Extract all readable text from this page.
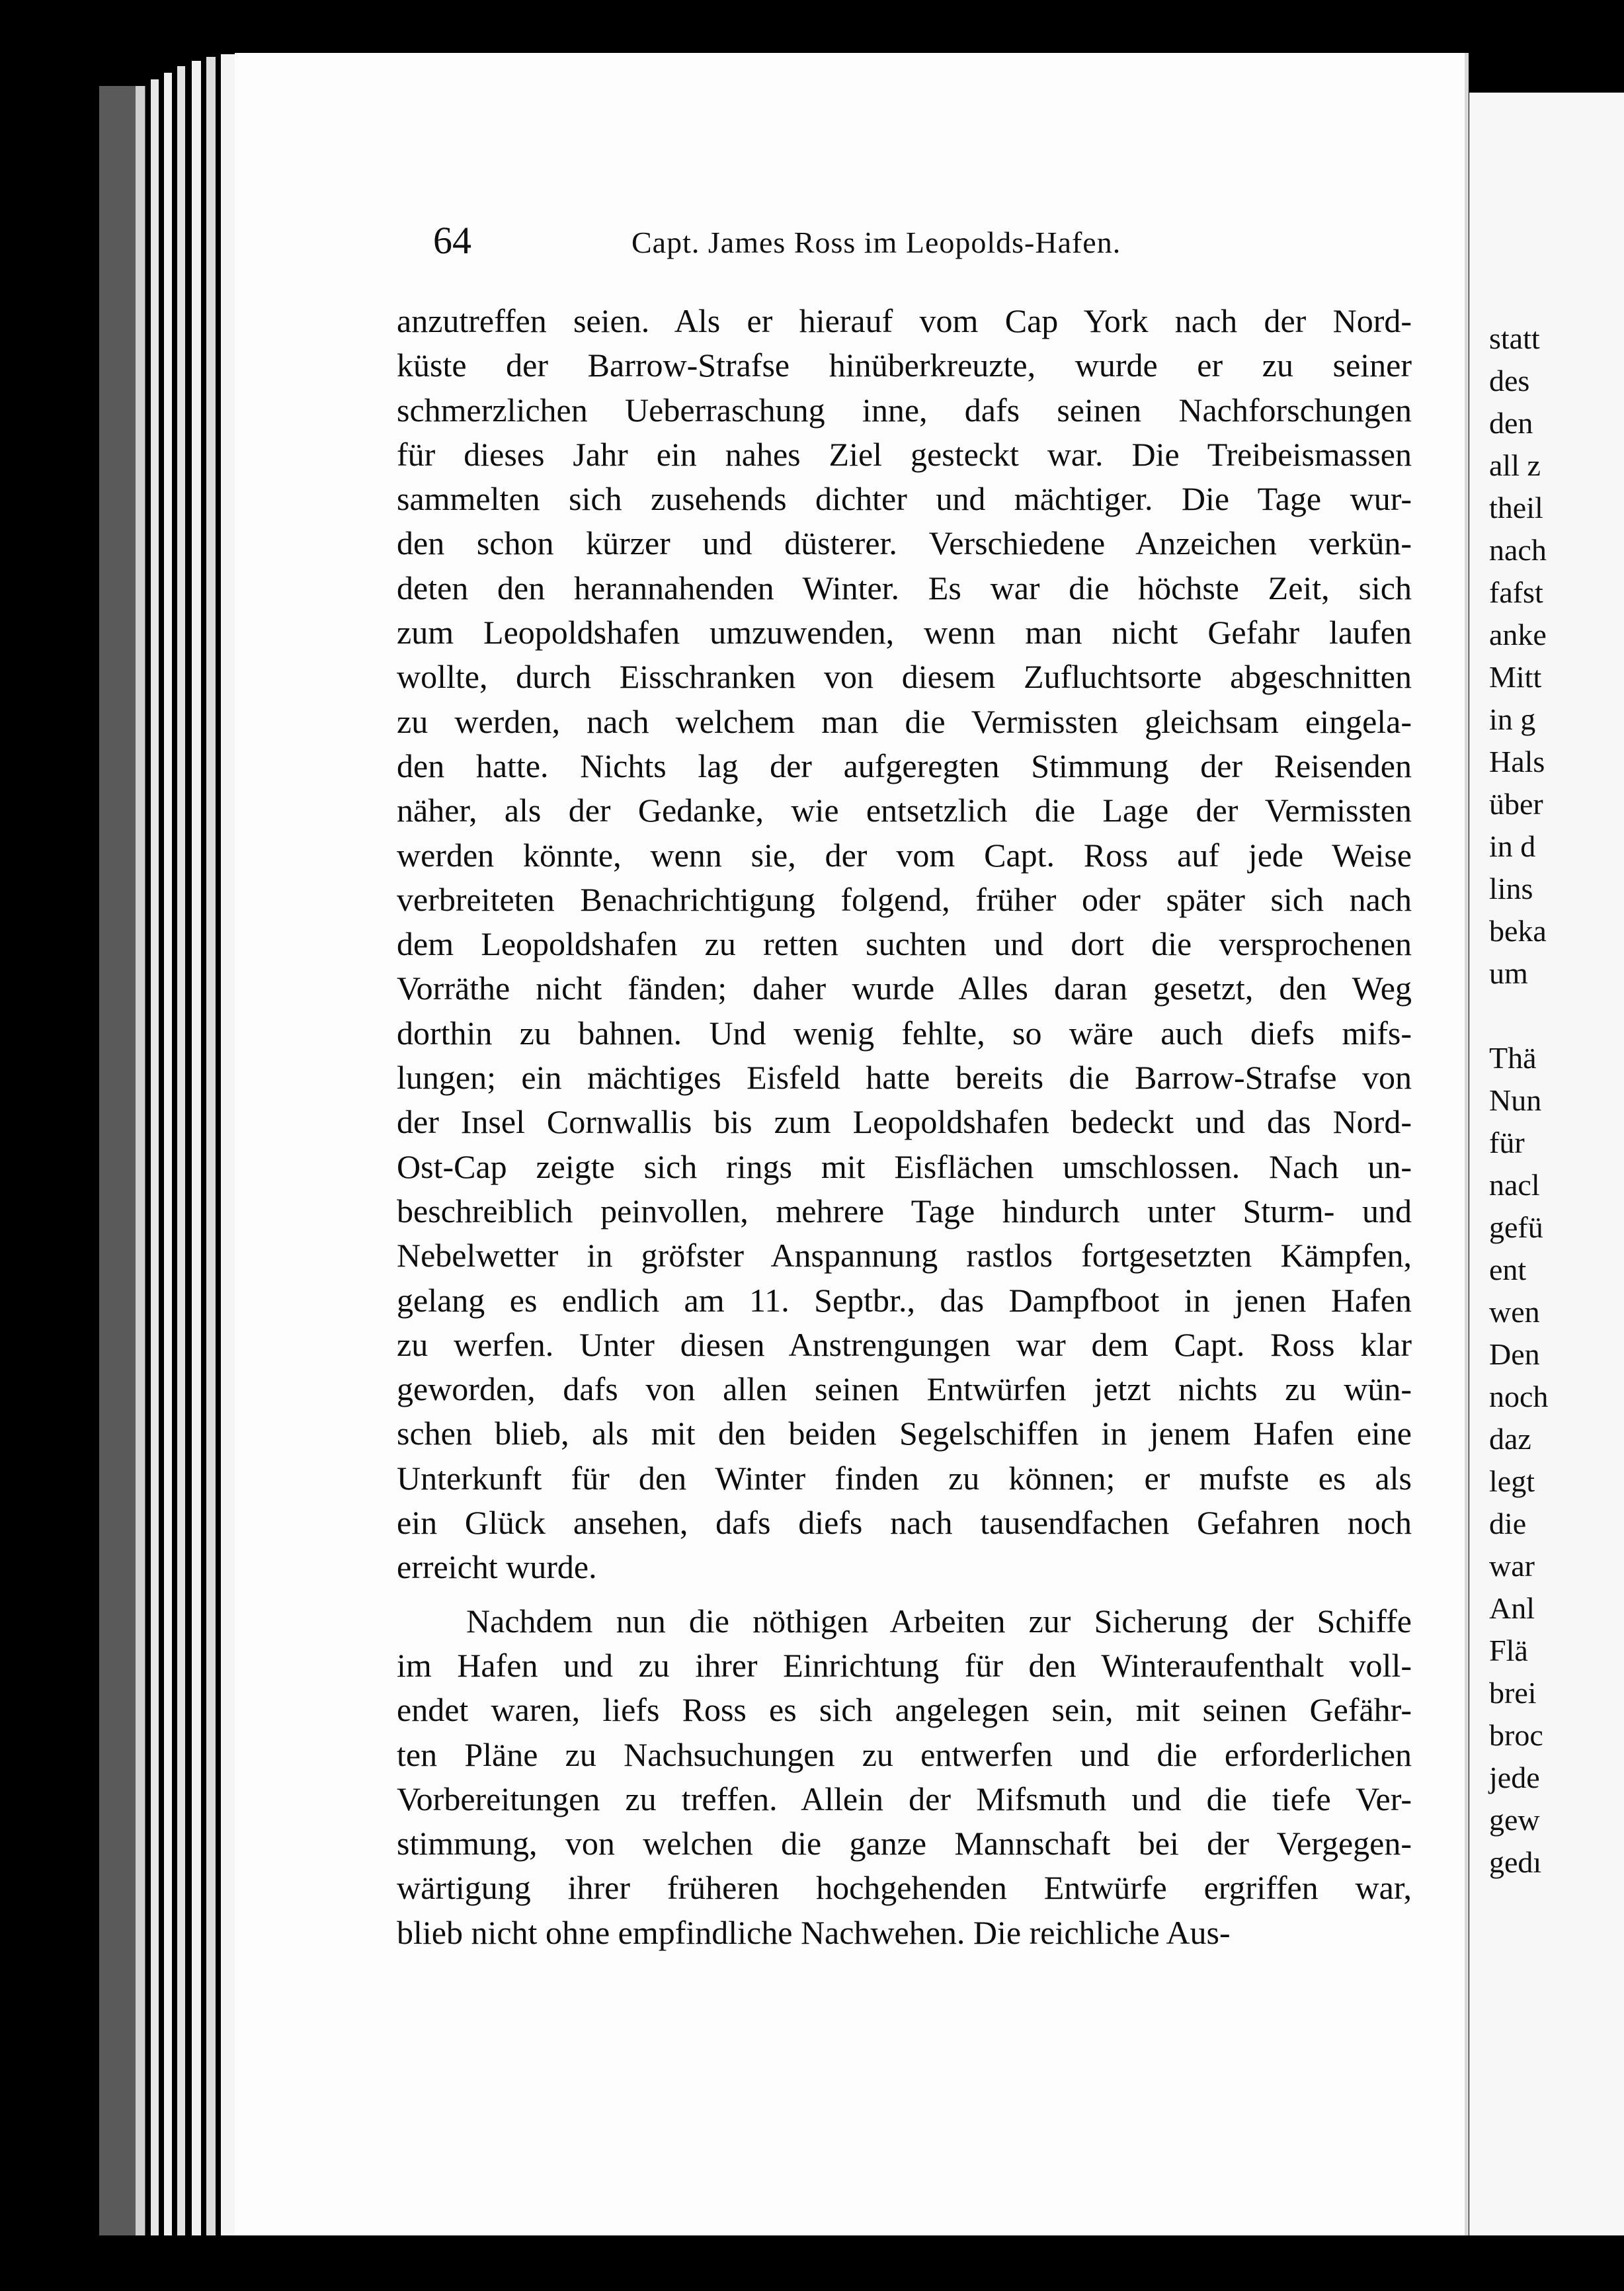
statt
des
den
all z
theil
nach
fafst
anke
Mitt
in g
Hals
über
in d
lins
beka
um
Thä
Nun
für
nacl
gefü
ent
wen
Den
noch
daz
legt
die
war
Anl
Flä
brei
broc
jede
gew
gedı
64	Capt. James Ross im Leopolds-Hafen.
anzutreffen seien. Als er hierauf vom Cap York nach der Nord-
küste der Barrow-Strafse hinüberkreuzte, wurde er zu seiner
schmerzlichen Ueberraschung inne, dafs seinen Nachforschungen
für dieses Jahr ein nahes Ziel gesteckt war. Die Treibeismassen
sammelten sich zusehends dichter und mächtiger. Die Tage wur-
den schon kürzer und düsterer. Verschiedene Anzeichen verkün-
deten den herannahenden Winter. Es war die höchste Zeit, sich
zum Leopoldshafen umzuwenden, wenn man nicht Gefahr laufen
wollte, durch Eisschranken von diesem Zufluchtsorte abgeschnitten
zu werden, nach welchem man die Vermissten gleichsam eingela-
den hatte. Nichts lag der aufgeregten Stimmung der Reisenden
näher, als der Gedanke, wie entsetzlich die Lage der Vermissten
werden könnte, wenn sie, der vom Capt. Ross auf jede Weise
verbreiteten Benachrichtigung folgend, früher oder später sich nach
dem Leopoldshafen zu retten suchten und dort die versprochenen
Vorräthe nicht fänden; daher wurde Alles daran gesetzt, den Weg
dorthin zu bahnen. Und wenig fehlte, so wäre auch diefs mifs-
lungen; ein mächtiges Eisfeld hatte bereits die Barrow-Strafse von
der Insel Cornwallis bis zum Leopoldshafen bedeckt und das Nord-
Ost-Cap zeigte sich rings mit Eisflächen umschlossen. Nach un-
beschreiblich peinvollen, mehrere Tage hindurch unter Sturm- und
Nebelwetter in gröfster Anspannung rastlos fortgesetzten Kämpfen,
gelang es endlich am 11. Septbr., das Dampfboot in jenen Hafen
zu werfen. Unter diesen Anstrengungen war dem Capt. Ross klar
geworden, dafs von allen seinen Entwürfen jetzt nichts zu wün-
schen blieb, als mit den beiden Segelschiffen in jenem Hafen eine
Unterkunft für den Winter finden zu können; er mufste es als
ein Glück ansehen, dafs diefs nach tausendfachen Gefahren noch
erreicht wurde.
Nachdem nun die nöthigen Arbeiten zur Sicherung der Schiffe
im Hafen und zu ihrer Einrichtung für den Winteraufenthalt voll-
endet waren, liefs Ross es sich angelegen sein, mit seinen Gefähr-
ten Pläne zu Nachsuchungen zu entwerfen und die erforderlichen
Vorbereitungen zu treffen. Allein der Mifsmuth und die tiefe Ver-
stimmung, von welchen die ganze Mannschaft bei der Vergegen-
wärtigung ihrer früheren hochgehenden Entwürfe ergriffen war,
blieb nicht ohne empfindliche Nachwehen. Die reichliche Aus-
